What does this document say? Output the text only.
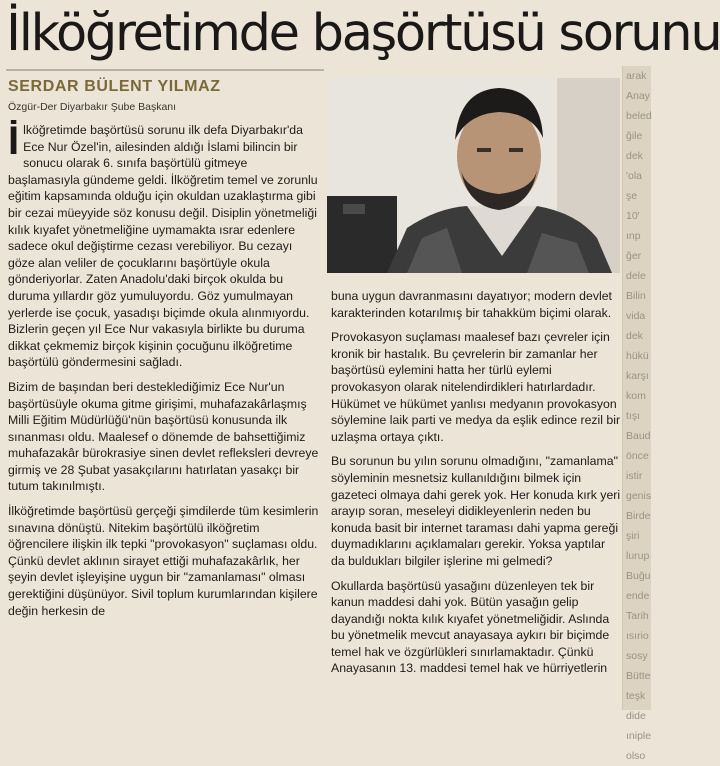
İlköğretimde başörtüsü sorunu
SERDAR BÜLENT YILMAZ
Özgür-Der Diyarbakır Şube Başkanı

İ lköğretimde başörtüsü sorunu ilk defa Diyarbakır'da Ece Nur Özel'in, ailesinden aldığı İslami bilincin bir sonucu olarak 6. sınıfa başörtülü gitmeye başlamasıyla gündeme geldi. İlköğretim temel ve zorunlu eğitim kapsamında olduğu için okuldan uzaklaştırma gibi bir cezai müeyyide söz konusu değil. Disiplin yönetmeliği kılık kıyafet yönetmeliğine uymamakta ısrar edenlere sadece okul değiştirme cezası verebiliyor. Bu cezayı göze alan veliler de çocuklarını başörtüyle okula gönderiyorlar. Zaten Anadolu'daki birçok okulda bu duruma yıllardır göz yumuluyordu. Göz yumulmayan yerlerde ise çocuk, yasadışı biçimde okula alınmıyordu. Bizlerin geçen yıl Ece Nur vakasıyla birlikte bu duruma dikkat çekmemiz birçok kişinin çocuğunu ilköğretime başörtülü göndermesini sağladı.

Bizim de başından beri desteklediğimiz Ece Nur'un başörtüsüyle okuma gitme girişimi, muhafazakârlaşmış Milli Eğitim Müdürlüğü'nün başörtüsü konusunda ilk sınanması oldu. Maalesef o dönemde de bahsettiğimiz muhafazakâr bürokrasiye sinen devlet refleksleri devreye girmiş ve 28 Şubat yasakçılarını hatırlatan yasakçı bir tutum takınılmıştı.

İlköğretimde başörtüsü gerçeği şimdilerde tüm kesimlerin sınavına dönüştü. Nitekim başörtülü ilköğretim öğrencilere ilişkin ilk tepki "provokasyon" suçlaması oldu. Çünkü devlet aklının sirayet ettiği muhafazakârlık, her şeyin devlet işleyişine uygun bir "zamanlaması" olması gerektiğini düşünüyor. Sivil toplum kurumlarından kişilere değin herkesin de

buna uygun davranmasını dayatıyor; modern devlet karakterinden kotarılmış bir tahakküm biçimi olarak.

Provokasyon suçlaması maalesef bazı çevreler için kronik bir hastalık. Bu çevrelerin bir zamanlar her başörtüsü eylemini hatta her türlü eylemi provokasyon olarak nitelendirdikleri hatırlardadır. Hükümet ve hükümet yanlısı medyanın provokasyon söylemine laik parti ve medya da eşlik edince rezil bir uzlaşma ortaya çıktı.

Bu sorunun bu yılın sorunu olmadığını, "zamanlama" söyleminin mesnetsiz kullanıldığını bilmek için gazeteci olmaya dahi gerek yok. Her konuda kırk yeri arayıp soran, meseleyi didikleyenlerin neden bu konuda basit bir internet taraması dahi yapma gereği duymadıklarını açıklamaları gerekir. Yoksa yaptılar da buldukları bilgiler işlerine mi gelmedi?

Okullarda başörtüsü yasağını düzenleyen tek bir kanun maddesi dahi yok. Bütün yasağın gelip dayandığı nokta kılık kıyafet yönetmeliğidir. Aslında bu yönetmelik mevcut anayasaya aykırı bir biçimde temel hak ve özgürlükleri sınırlamaktadır. Çünkü Anayasanın 13. maddesi temel hak ve hürriyetlerin

arak
Anay
beled
ğile
dek
'ola
şe
10'
ınp
ğer
dele
Bilin
vida
dek
hükü
karşı
kom
tışı
Baud
önce
istir
genis
Birde
şiri
lurup
Buğu
ende
Tarih
ısırio
sosy
Bütte
teşk
dide
ıniple
olso
